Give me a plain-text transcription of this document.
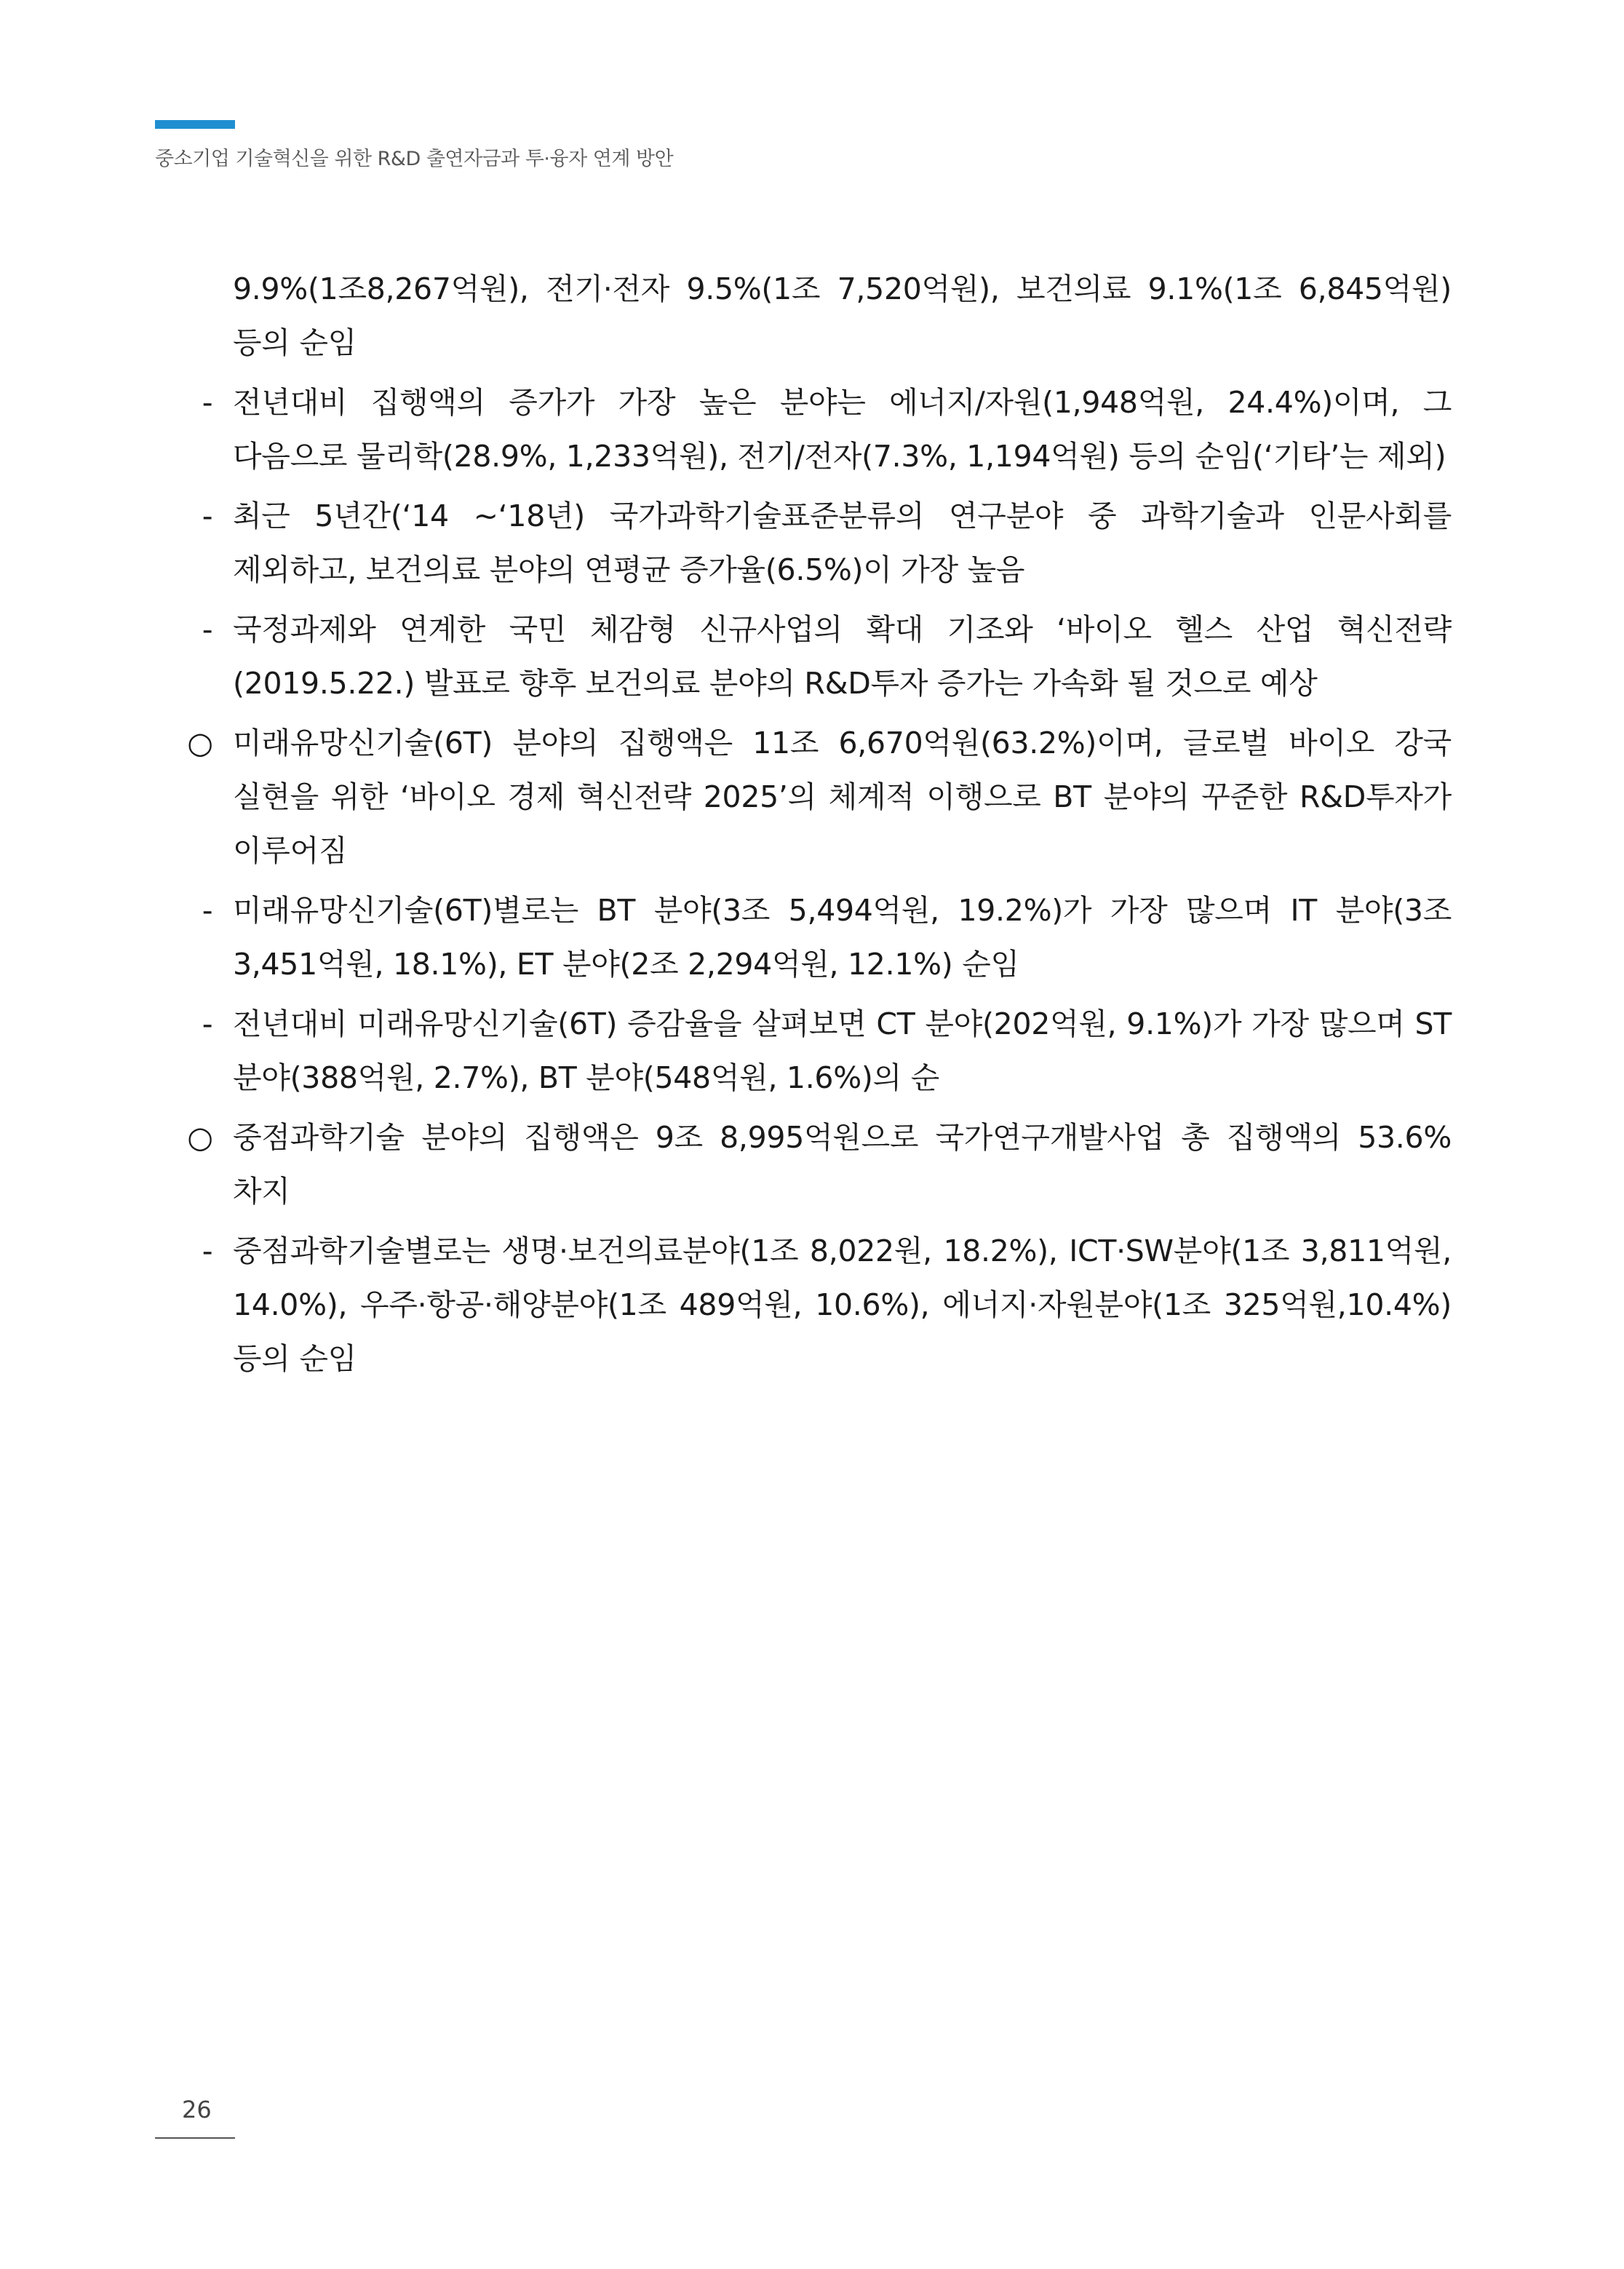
중소기업 기술혁신을 위한 R&D 출연자금과 투·융자 연계 방안
9.9%(1조8,267억원), 전기·전자 9.5%(1조 7,520억원), 보건의료 9.1%(1조 6,845억원) 등의 순임
- 전년대비 집행액의 증가가 가장 높은 분야는 에너지/자원(1,948억원, 24.4%)이며, 그 다음으로 물리학(28.9%, 1,233억원), 전기/전자(7.3%, 1,194억원) 등의 순임(‘기타’는 제외)
- 최근 5년간(‘14 ~‘18년) 국가과학기술표준분류의 연구분야 중 과학기술과 인문사회를 제외하고, 보건의료 분야의 연평균 증가율(6.5%)이 가장 높음
- 국정과제와 연계한 국민 체감형 신규사업의 확대 기조와 ‘바이오 헬스 산업 혁신전략(2019.5.22.) 발표로 향후 보건의료 분야의 R&D투자 증가는 가속화 될 것으로 예상
○ 미래유망신기술(6T) 분야의 집행액은 11조 6,670억원(63.2%)이며, 글로벌 바이오 강국 실현을 위한 ‘바이오 경제 혁신전략 2025’의 체계적 이행으로 BT 분야의 꾸준한 R&D투자가 이루어짐
- 미래유망신기술(6T)별로는 BT 분야(3조 5,494억원, 19.2%)가 가장 많으며 IT 분야(3조 3,451억원, 18.1%), ET 분야(2조 2,294억원, 12.1%) 순임
- 전년대비 미래유망신기술(6T) 증감율을 살펴보면 CT 분야(202억원, 9.1%)가 가장 많으며 ST 분야(388억원, 2.7%), BT 분야(548억원, 1.6%)의 순
○ 중점과학기술 분야의 집행액은 9조 8,995억원으로 국가연구개발사업 총 집행액의 53.6% 차지
- 중점과학기술별로는 생명·보건의료분야(1조 8,022원, 18.2%), ICT·SW분야(1조 3,811억원, 14.0%), 우주·항공·해양분야(1조 489억원, 10.6%), 에너지·자원분야(1조 325억원,10.4%) 등의 순임
26
